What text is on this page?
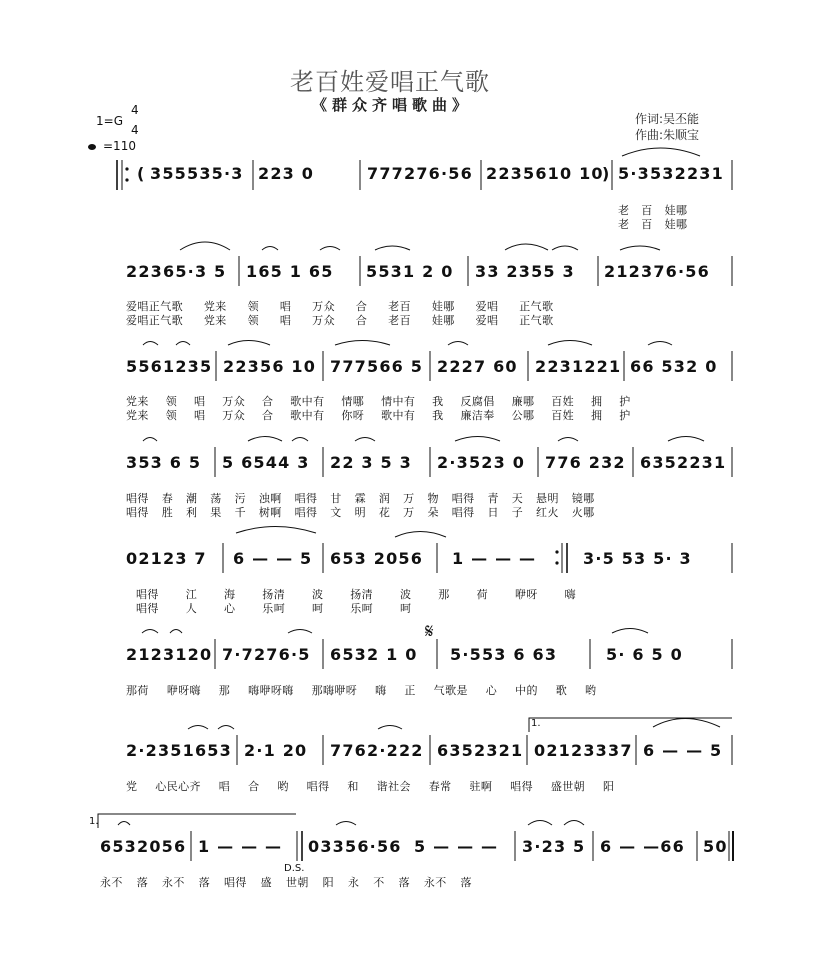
老百姓爱唱正气歌
《群众齐唱歌曲》
作词:吴丕能
作曲:朱顺宝
1=G
4
4
=110
( 355535·3 223 0	777276·56 2235610 10
) 5·3532231
老 百 娃哪
老 百 娃哪
22365·3 5 165 1 65 5531 2 0 33 2355 3 212376·56
爱唱正气歌 党来 领 唱 万众 合 老百 娃哪 爱唱 正气歌
爱唱正气歌 党来 领 唱 万众 合 老百 娃哪 爱唱 正气歌
5561235 22356 10 777566 5 2227 60 2231221 66 532 0
党来 领 唱 万众 合 歌中有 情哪 情中有 我 反腐倡 廉哪 百姓 拥 护
党来 领 唱 万众 合 歌中有 你呀 歌中有 我 廉洁奉 公哪 百姓 拥 护
353 6 5 5 6544 3 22 3 5 3 2·3523 0 776 232 6352231
唱得 春 潮 荡 污 浊啊 唱得 甘 霖 润 万 物 唱得 青 天 悬明 镜哪
唱得 胜 利 果 千 树啊 唱得 文 明 花 万 朵 唱得 日 子 红火 火哪
02123 7 6 — — 5 653 2056 1 — — —	3·5 53 5· 3
唱得 江 海 扬清 波 扬清 波 那 荷 咿呀 嗨
唱得 人 心 乐呵 呵 乐呵 呵
2123120 7·7276·5 6532 1 0
𝄋
5·553 6 63	5· 6 5 0
那荷 咿呀嗨 那 嗨咿呀嗨 那嗨咿呀 嗨 正 气歌是 心 中的 歌 哟
1.
2·2351653 2·1 20 7762·222 6352321 02123337 6 — — 5
党 心民心齐 唱 合 哟 唱得 和 谐社会 春常 驻啊 唱得 盛世朝 阳
1.
6532056 1 — — — 03356·56 5 — — — 3·23 5 6 — —66 50
D.S.
永不 落 永不 落 唱得 盛 世朝 阳 永 不 落 永不 落
